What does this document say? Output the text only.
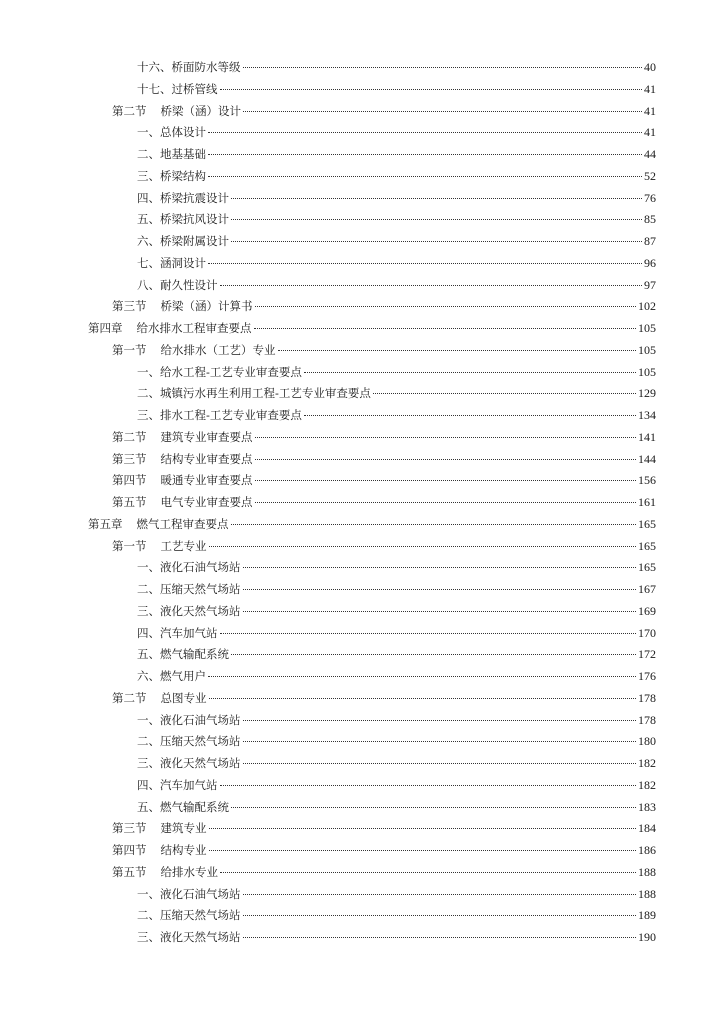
十六、 桥面防水等级	40
十七、 过桥管线	41
第二节	桥梁（涵）设计	41
一、 总体设计	41
二、 地基基础	44
三、 桥梁结构	52
四、 桥梁抗震设计	76
五、 桥梁抗风设计	85
六、 桥梁附属设计	87
七、 涵洞设计	96
八、 耐久性设计	97
第三节	桥梁（涵）计算书	102
第四章	给水排水工程审查要点	105
第一节	给水排水（工艺）专业	105
一、 给水工程-工艺专业审查要点	105
二、 城镇污水再生利用工程-工艺专业审查要点	129
三、 排水工程-工艺专业审查要点	134
第二节	建筑专业审查要点	141
第三节	结构专业审查要点	144
第四节	暖通专业审查要点	156
第五节	电气专业审查要点	161
第五章	燃气工程审查要点	165
第一节	工艺专业	165
一、 液化石油气场站	165
二、 压缩天然气场站	167
三、 液化天然气场站	169
四、 汽车加气站	170
五、 燃气输配系统	172
六、 燃气用户	176
第二节	总图专业	178
一、 液化石油气场站	178
二、 压缩天然气场站	180
三、 液化天然气场站	182
四、 汽车加气站	182
五、 燃气输配系统	183
第三节	建筑专业	184
第四节	结构专业	186
第五节	给排水专业	188
一、 液化石油气场站	188
二、 压缩天然气场站	189
三、 液化天然气场站	190
